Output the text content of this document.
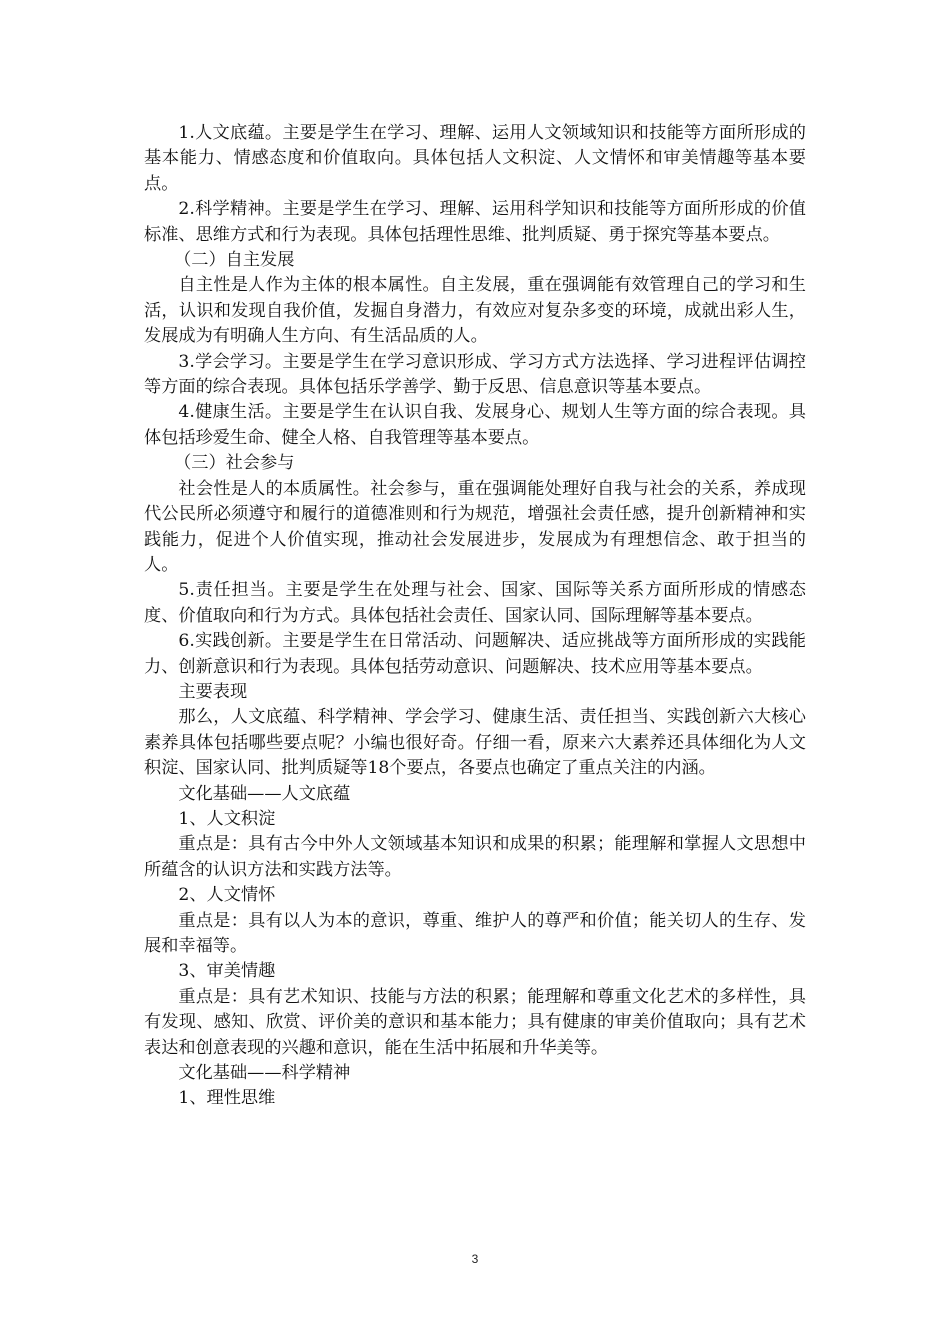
1.人文底蕴。主要是学生在学习、理解、运用人文领域知识和技能等方面所形成的基本能力、情感态度和价值取向。具体包括人文积淀、人文情怀和审美情趣等基本要点。

2.科学精神。主要是学生在学习、理解、运用科学知识和技能等方面所形成的价值标准、思维方式和行为表现。具体包括理性思维、批判质疑、勇于探究等基本要点。

（二）自主发展

自主性是人作为主体的根本属性。自主发展，重在强调能有效管理自己的学习和生活，认识和发现自我价值，发掘自身潜力，有效应对复杂多变的环境，成就出彩人生，发展成为有明确人生方向、有生活品质的人。

3.学会学习。主要是学生在学习意识形成、学习方式方法选择、学习进程评估调控等方面的综合表现。具体包括乐学善学、勤于反思、信息意识等基本要点。

4.健康生活。主要是学生在认识自我、发展身心、规划人生等方面的综合表现。具体包括珍爱生命、健全人格、自我管理等基本要点。

（三）社会参与

社会性是人的本质属性。社会参与，重在强调能处理好自我与社会的关系，养成现代公民所必须遵守和履行的道德准则和行为规范，增强社会责任感，提升创新精神和实践能力，促进个人价值实现，推动社会发展进步，发展成为有理想信念、敢于担当的人。

5.责任担当。主要是学生在处理与社会、国家、国际等关系方面所形成的情感态度、价值取向和行为方式。具体包括社会责任、国家认同、国际理解等基本要点。

6.实践创新。主要是学生在日常活动、问题解决、适应挑战等方面所形成的实践能力、创新意识和行为表现。具体包括劳动意识、问题解决、技术应用等基本要点。

主要表现

那么，人文底蕴、科学精神、学会学习、健康生活、责任担当、实践创新六大核心素养具体包括哪些要点呢？小编也很好奇。仔细一看，原来六大素养还具体细化为人文积淀、国家认同、批判质疑等18个要点，各要点也确定了重点关注的内涵。

文化基础——人文底蕴

1、人文积淀

重点是：具有古今中外人文领域基本知识和成果的积累；能理解和掌握人文思想中所蕴含的认识方法和实践方法等。

2、人文情怀

重点是：具有以人为本的意识，尊重、维护人的尊严和价值；能关切人的生存、发展和幸福等。

3、审美情趣

重点是：具有艺术知识、技能与方法的积累；能理解和尊重文化艺术的多样性，具有发现、感知、欣赏、评价美的意识和基本能力；具有健康的审美价值取向；具有艺术表达和创意表现的兴趣和意识，能在生活中拓展和升华美等。

文化基础——科学精神

1、理性思维

3
